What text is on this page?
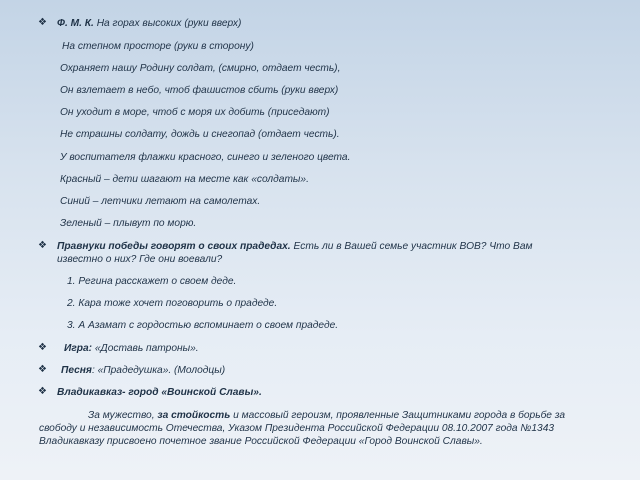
❖ Ф. М. К. На горах высоких (руки вверх)
На степном просторе (руки в сторону)
Охраняет нашу Родину солдат, (смирно, отдает честь),
Он взлетает в небо, чтоб фашистов сбить (руки вверх)
Он уходит в море, чтоб с моря их добить (приседают)
Не страшны солдату, дождь и снегопад (отдает честь).
У воспитателя флажки красного, синего и зеленого цвета.
Красный – дети шагают на месте как «солдаты».
Синий – летчики летают на самолетах.
Зеленый – плывут по морю.
❖ Правнуки победы говорят о своих прадедах. Есть ли в Вашей семье участник ВОВ? Что Вам
известно о них? Где они воевали?
1. Регина расскажет о своем деде.
2. Карa тоже хочет поговорить о прадеде.
3. А Азамат с гордостью вспоминает о своем прадеде.
❖ Игра: «Доставь патроны».
❖ Песня: «Прадедушка». (Молодцы)
❖ Владикавказ- город «Воинской Славы».
За мужество, за стойкость и массовый героизм, проявленные Защитниками города в борьбе за
свободу и независимость Отечества, Указом Президента Российской Федерации 08.10.2007 года №1343
Владикавказу присвоено почетное звание Российской Федерации «Город Воинской Славы».
